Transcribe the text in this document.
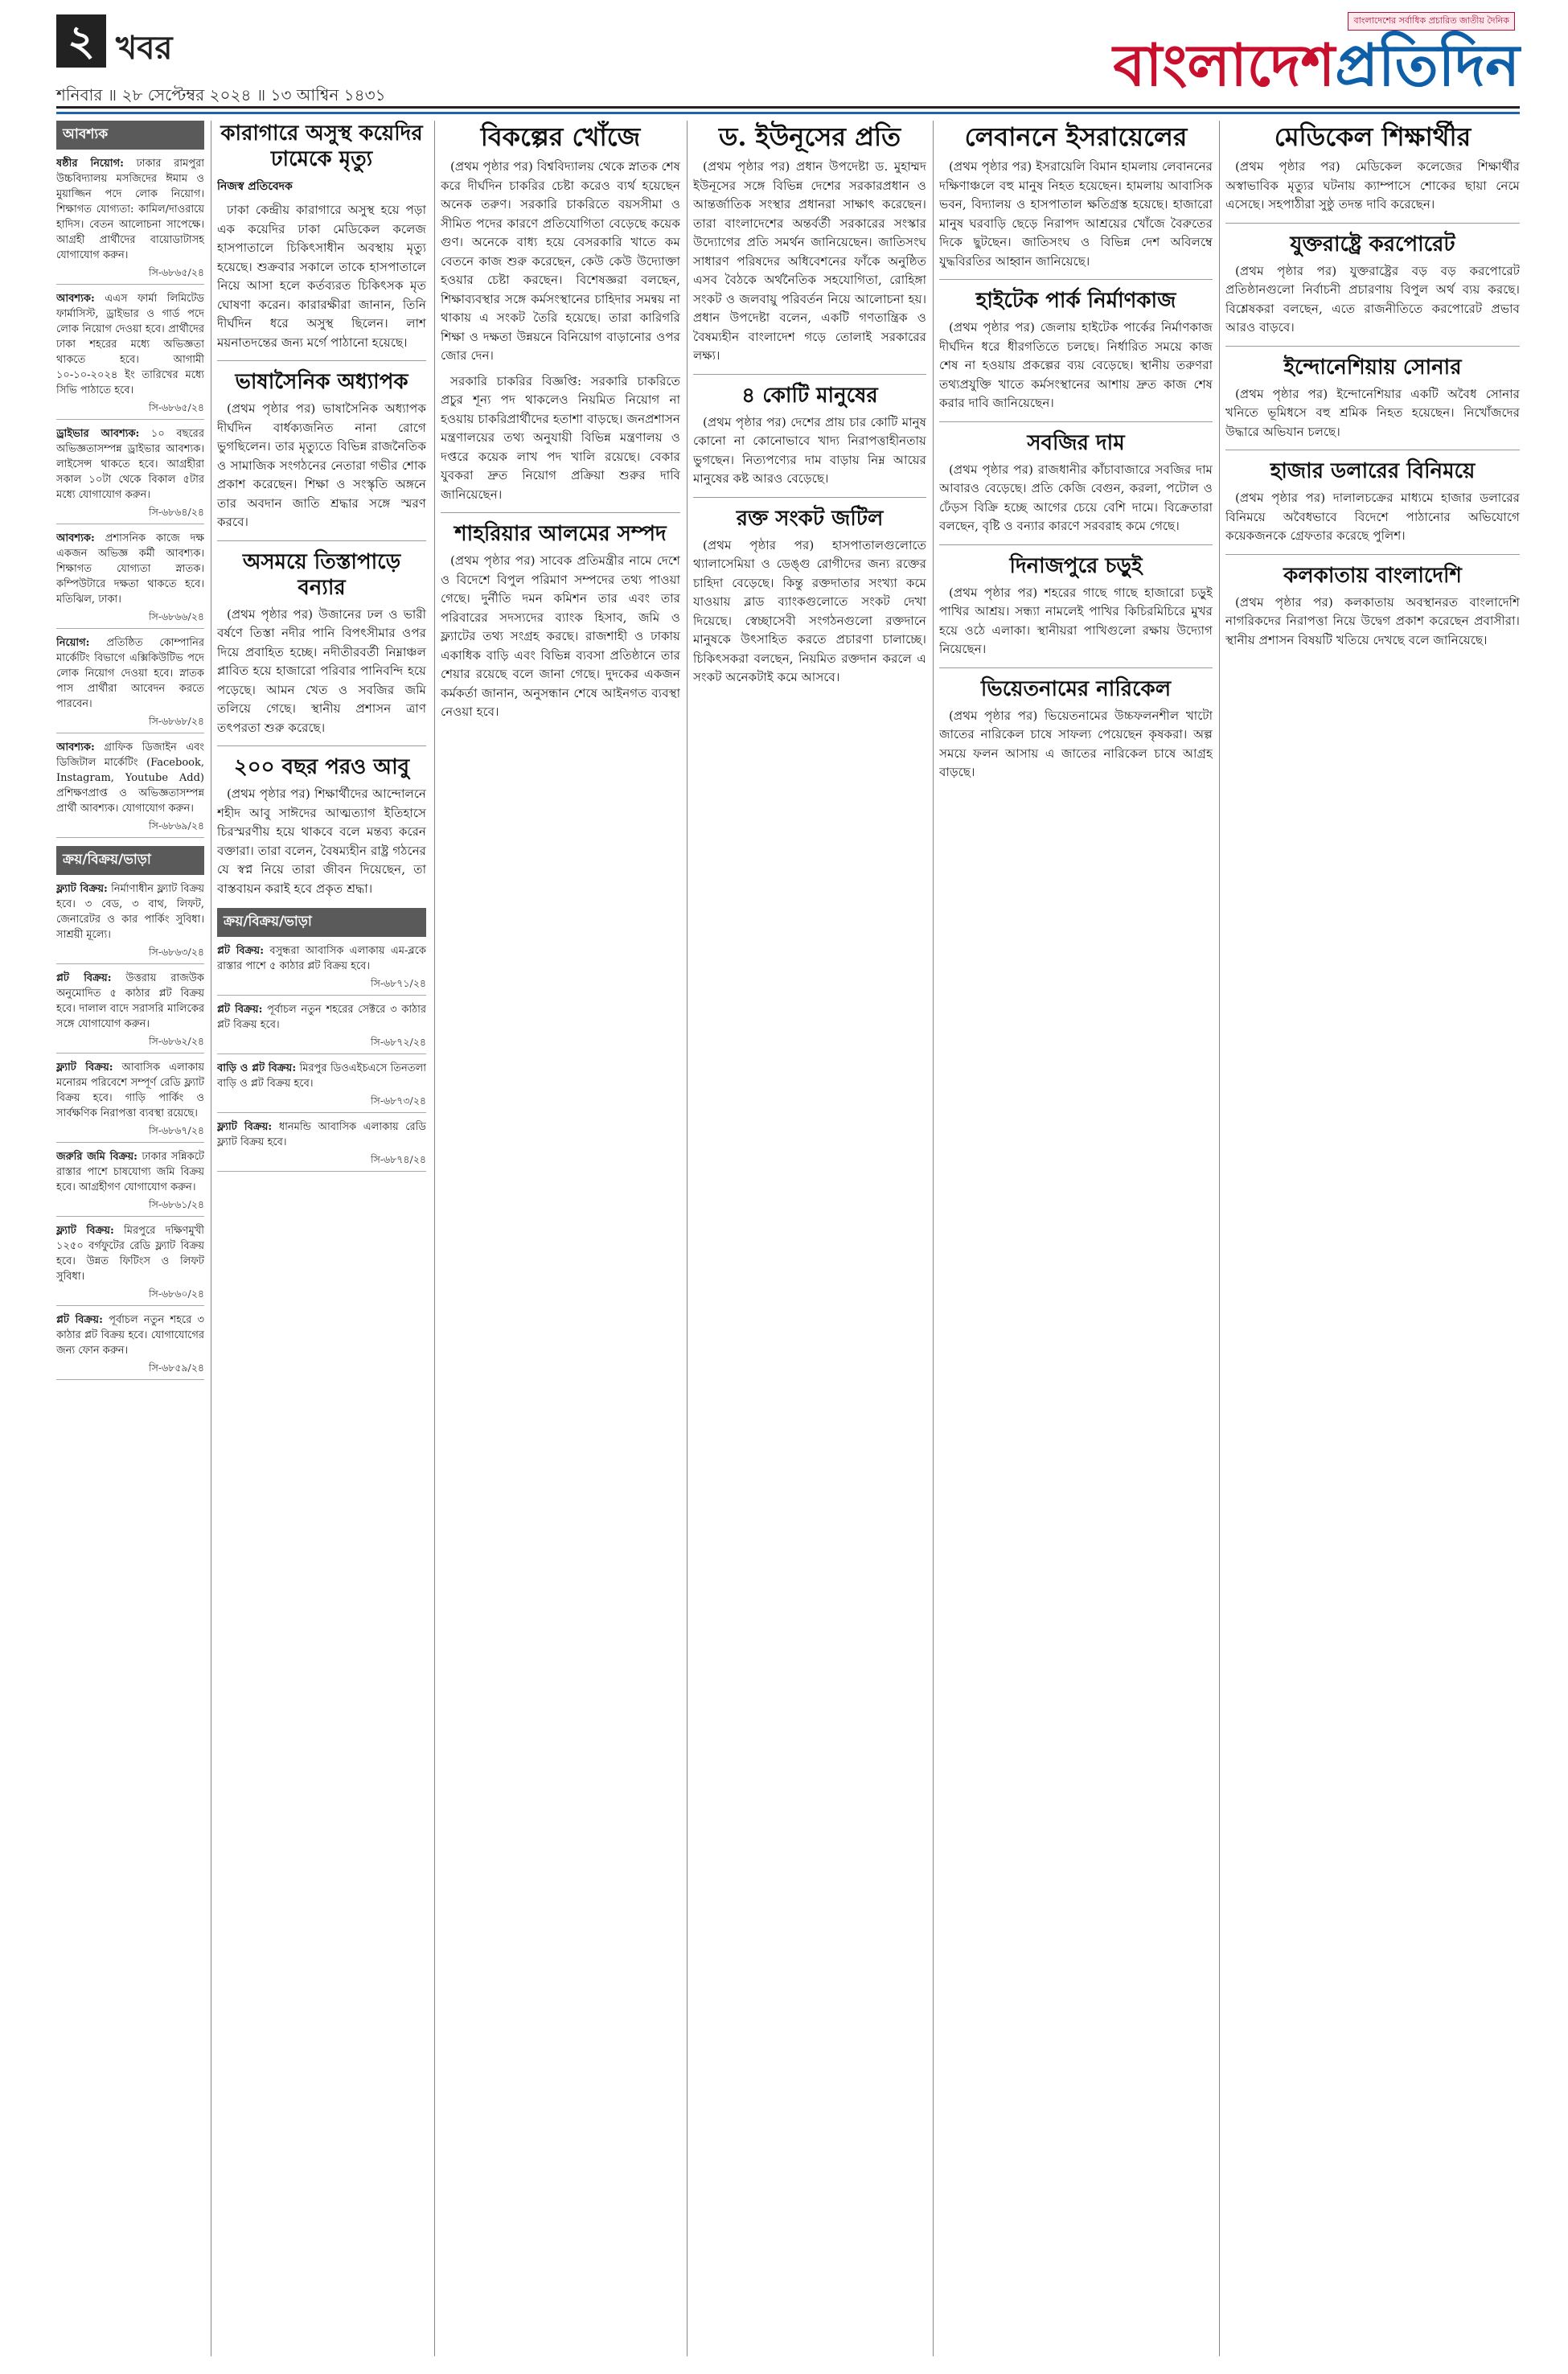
২ খবর
শনিবার ॥ ২৮ সেপ্টেম্বর ২০২৪ ॥ ১৩ আশ্বিন ১৪৩১
বাংলাদেশের সর্বাধিক প্রচারিত জাতীয় দৈনিক
বাংলাদেশপ্রতিদিন
আবশ্যক
ষষ্ঠীর নিয়োগ: ঢাকার রামপুরা উচ্চবিদ্যালয় মসজিদের ঈমাম ও মুয়াজ্জিন পদে লোক নিয়োগ। শিক্ষাগত যোগ্যতা: কামিল/দাওরায়ে হাদিস। বেতন আলোচনা সাপেক্ষে। আগ্রহী প্রার্থীদের বায়োডাটাসহ যোগাযোগ করুন।
সি-৬৮৬৫/২৪
আবশ্যক: এএস ফার্মা লিমিটেড ফার্মাসিস্ট, ড্রাইভার ও গার্ড পদে লোক নিয়োগ দেওয়া হবে। প্রার্থীদের ঢাকা শহরের মধ্যে অভিজ্ঞতা থাকতে হবে। আগামী ১০-১০-২০২৪ ইং তারিখের মধ্যে সিভি পাঠাতে হবে।
সি-৬৮৬৫/২৪
ড্রাইভার আবশ্যক: ১০ বছরের অভিজ্ঞতাসম্পন্ন ড্রাইভার আবশ্যক। লাইসেন্স থাকতে হবে। আগ্রহীরা সকাল ১০টা থেকে বিকাল ৫টার মধ্যে যোগাযোগ করুন।
সি-৬৮৬৪/২৪
আবশ্যক: প্রশাসনিক কাজে দক্ষ একজন অভিজ্ঞ কর্মী আবশ্যক। শিক্ষাগত যোগ্যতা স্নাতক। কম্পিউটারে দক্ষতা থাকতে হবে। মতিঝিল, ঢাকা।
সি-৬৮৬৬/২৪
নিয়োগ: প্রতিষ্ঠিত কোম্পানির মার্কেটিং বিভাগে এক্সিকিউটিভ পদে লোক নিয়োগ দেওয়া হবে। স্নাতক পাস প্রার্থীরা আবেদন করতে পারবেন।
সি-৬৮৬৮/২৪
আবশ্যক: গ্রাফিক ডিজাইন এবং ডিজিটাল মার্কেটিং (Facebook, Instagram, Youtube Add) প্রশিক্ষণপ্রাপ্ত ও অভিজ্ঞতাসম্পন্ন প্রার্থী আবশ্যক। যোগাযোগ করুন।
সি-৬৮৬৯/২৪
ক্রয়/বিক্রয়/ভাড়া
ফ্ল্যাট বিক্রয়: নির্মাণাধীন ফ্ল্যাট বিক্রয় হবে। ৩ বেড, ৩ বাথ, লিফট, জেনারেটর ও কার পার্কিং সুবিধা। সাশ্রয়ী মূল্যে।
সি-৬৮৬৩/২৪
প্লট বিক্রয়: উত্তরায় রাজউক অনুমোদিত ৫ কাঠার প্লট বিক্রয় হবে। দালাল বাদে সরাসরি মালিকের সঙ্গে যোগাযোগ করুন।
সি-৬৮৬২/২৪
ফ্ল্যাট বিক্রয়: আবাসিক এলাকায় মনোরম পরিবেশে সম্পূর্ণ রেডি ফ্ল্যাট বিক্রয় হবে। গাড়ি পার্কিং ও সার্বক্ষণিক নিরাপত্তা ব্যবস্থা রয়েছে।
সি-৬৮৬৭/২৪
জরুরি জমি বিক্রয়: ঢাকার সন্নিকটে রাস্তার পাশে চাষযোগ্য জমি বিক্রয় হবে। আগ্রহীগণ যোগাযোগ করুন।
সি-৬৮৬১/২৪
ফ্ল্যাট বিক্রয়: মিরপুরে দক্ষিণমুখী ১২৫০ বর্গফুটের রেডি ফ্ল্যাট বিক্রয় হবে। উন্নত ফিটিংস ও লিফট সুবিধা।
সি-৬৮৬০/২৪
প্লট বিক্রয়: পূর্বাচল নতুন শহরে ৩ কাঠার প্লট বিক্রয় হবে। যোগাযোগের জন্য ফোন করুন।
সি-৬৮৫৯/২৪
কারাগারে অসুস্থ কয়েদির ঢামেকে মৃত্যু
নিজস্ব প্রতিবেদক

ঢাকা কেন্দ্রীয় কারাগারে অসুস্থ হয়ে পড়া এক কয়েদির ঢাকা মেডিকেল কলেজ হাসপাতালে চিকিৎসাধীন অবস্থায় মৃত্যু হয়েছে। শুক্রবার সকালে তাকে হাসপাতালে নিয়ে আসা হলে কর্তব্যরত চিকিৎসক মৃত ঘোষণা করেন। কারারক্ষীরা জানান, তিনি দীর্ঘদিন ধরে অসুস্থ ছিলেন। লাশ ময়নাতদন্তের জন্য মর্গে পাঠানো হয়েছে।

ভাষাসৈনিক অধ্যাপক

(প্রথম পৃষ্ঠার পর) ভাষাসৈনিক অধ্যাপক দীর্ঘদিন বার্ধক্যজনিত নানা রোগে ভুগছিলেন। তার মৃত্যুতে বিভিন্ন রাজনৈতিক ও সামাজিক সংগঠনের নেতারা গভীর শোক প্রকাশ করেছেন। শিক্ষা ও সংস্কৃতি অঙ্গনে তার অবদান জাতি শ্রদ্ধার সঙ্গে স্মরণ করবে।

অসময়ে তিস্তাপাড়ে বন্যার

(প্রথম পৃষ্ঠার পর) উজানের ঢল ও ভারী বর্ষণে তিস্তা নদীর পানি বিপৎসীমার ওপর দিয়ে প্রবাহিত হচ্ছে। নদীতীরবর্তী নিম্নাঞ্চল প্লাবিত হয়ে হাজারো পরিবার পানিবন্দি হয়ে পড়েছে। আমন খেত ও সবজির জমি তলিয়ে গেছে। স্থানীয় প্রশাসন ত্রাণ তৎপরতা শুরু করেছে।

২০০ বছর পরও আবু

(প্রথম পৃষ্ঠার পর) শিক্ষার্থীদের আন্দোলনে শহীদ আবু সাঈদের আত্মত্যাগ ইতিহাসে চিরস্মরণীয় হয়ে থাকবে বলে মন্তব্য করেন বক্তারা। তারা বলেন, বৈষম্যহীন রাষ্ট্র গঠনের যে স্বপ্ন নিয়ে তারা জীবন দিয়েছেন, তা বাস্তবায়ন করাই হবে প্রকৃত শ্রদ্ধা।

ক্রয়/বিক্রয়/ভাড়া
প্লট বিক্রয়: বসুন্ধরা আবাসিক এলাকায় এম-ব্লকে রাস্তার পাশে ৫ কাঠার প্লট বিক্রয় হবে।
সি-৬৮৭১/২৪
প্লট বিক্রয়: পূর্বাচল নতুন শহরের সেক্টরে ৩ কাঠার প্লট বিক্রয় হবে।
সি-৬৮৭২/২৪
বাড়ি ও প্লট বিক্রয়: মিরপুর ডিওএইচএসে তিনতলা বাড়ি ও প্লট বিক্রয় হবে।
সি-৬৮৭৩/২৪
ফ্ল্যাট বিক্রয়: ধানমন্ডি আবাসিক এলাকায় রেডি ফ্ল্যাট বিক্রয় হবে।
সি-৬৮৭৪/২৪
বিকল্পের খোঁজে

(প্রথম পৃষ্ঠার পর) বিশ্ববিদ্যালয় থেকে স্নাতক শেষ করে দীর্ঘদিন চাকরির চেষ্টা করেও ব্যর্থ হয়েছেন অনেক তরুণ। সরকারি চাকরিতে বয়সসীমা ও সীমিত পদের কারণে প্রতিযোগিতা বেড়েছে কয়েক গুণ। অনেকে বাধ্য হয়ে বেসরকারি খাতে কম বেতনে কাজ শুরু করেছেন, কেউ কেউ উদ্যোক্তা হওয়ার চেষ্টা করছেন। বিশেষজ্ঞরা বলছেন, শিক্ষাব্যবস্থার সঙ্গে কর্মসংস্থানের চাহিদার সমন্বয় না থাকায় এ সংকট তৈরি হয়েছে। তারা কারিগরি শিক্ষা ও দক্ষতা উন্নয়নে বিনিয়োগ বাড়ানোর ওপর জোর দেন।

সরকারি চাকরির বিজ্ঞপ্তি: সরকারি চাকরিতে প্রচুর শূন্য পদ থাকলেও নিয়মিত নিয়োগ না হওয়ায় চাকরিপ্রার্থীদের হতাশা বাড়ছে। জনপ্রশাসন মন্ত্রণালয়ের তথ্য অনুযায়ী বিভিন্ন মন্ত্রণালয় ও দপ্তরে কয়েক লাখ পদ খালি রয়েছে। বেকার যুবকরা দ্রুত নিয়োগ প্রক্রিয়া শুরুর দাবি জানিয়েছেন।

শাহরিয়ার আলমের সম্পদ

(প্রথম পৃষ্ঠার পর) সাবেক প্রতিমন্ত্রীর নামে দেশে ও বিদেশে বিপুল পরিমাণ সম্পদের তথ্য পাওয়া গেছে। দুর্নীতি দমন কমিশন তার এবং তার পরিবারের সদস্যদের ব্যাংক হিসাব, জমি ও ফ্ল্যাটের তথ্য সংগ্রহ করছে। রাজশাহী ও ঢাকায় একাধিক বাড়ি এবং বিভিন্ন ব্যবসা প্রতিষ্ঠানে তার শেয়ার রয়েছে বলে জানা গেছে। দুদকের একজন কর্মকর্তা জানান, অনুসন্ধান শেষে আইনগত ব্যবস্থা নেওয়া হবে।

ড. ইউনূসের প্রতি

(প্রথম পৃষ্ঠার পর) প্রধান উপদেষ্টা ড. মুহাম্মদ ইউনূসের সঙ্গে বিভিন্ন দেশের সরকারপ্রধান ও আন্তর্জাতিক সংস্থার প্রধানরা সাক্ষাৎ করেছেন। তারা বাংলাদেশের অন্তর্বর্তী সরকারের সংস্কার উদ্যোগের প্রতি সমর্থন জানিয়েছেন। জাতিসংঘ সাধারণ পরিষদের অধিবেশনের ফাঁকে অনুষ্ঠিত এসব বৈঠকে অর্থনৈতিক সহযোগিতা, রোহিঙ্গা সংকট ও জলবায়ু পরিবর্তন নিয়ে আলোচনা হয়। প্রধান উপদেষ্টা বলেন, একটি গণতান্ত্রিক ও বৈষম্যহীন বাংলাদেশ গড়ে তোলাই সরকারের লক্ষ্য।

৪ কোটি মানুষের

(প্রথম পৃষ্ঠার পর) দেশের প্রায় চার কোটি মানুষ কোনো না কোনোভাবে খাদ্য নিরাপত্তাহীনতায় ভুগছেন। নিত্যপণ্যের দাম বাড়ায় নিম্ন আয়ের মানুষের কষ্ট আরও বেড়েছে।

রক্ত সংকট জটিল

(প্রথম পৃষ্ঠার পর) হাসপাতালগুলোতে থ্যালাসেমিয়া ও ডেঙ্গু রোগীদের জন্য রক্তের চাহিদা বেড়েছে। কিন্তু রক্তদাতার সংখ্যা কমে যাওয়ায় ব্লাড ব্যাংকগুলোতে সংকট দেখা দিয়েছে। স্বেচ্ছাসেবী সংগঠনগুলো রক্তদানে মানুষকে উৎসাহিত করতে প্রচারণা চালাচ্ছে। চিকিৎসকরা বলছেন, নিয়মিত রক্তদান করলে এ সংকট অনেকটাই কমে আসবে।

লেবাননে ইসরায়েলের

(প্রথম পৃষ্ঠার পর) ইসরায়েলি বিমান হামলায় লেবাননের দক্ষিণাঞ্চলে বহু মানুষ নিহত হয়েছেন। হামলায় আবাসিক ভবন, বিদ্যালয় ও হাসপাতাল ক্ষতিগ্রস্ত হয়েছে। হাজারো মানুষ ঘরবাড়ি ছেড়ে নিরাপদ আশ্রয়ের খোঁজে বৈরুতের দিকে ছুটছেন। জাতিসংঘ ও বিভিন্ন দেশ অবিলম্বে যুদ্ধবিরতির আহ্বান জানিয়েছে।

হাইটেক পার্ক নির্মাণকাজ

(প্রথম পৃষ্ঠার পর) জেলায় হাইটেক পার্কের নির্মাণকাজ দীর্ঘদিন ধরে ধীরগতিতে চলছে। নির্ধারিত সময়ে কাজ শেষ না হওয়ায় প্রকল্পের ব্যয় বেড়েছে। স্থানীয় তরুণরা তথ্যপ্রযুক্তি খাতে কর্মসংস্থানের আশায় দ্রুত কাজ শেষ করার দাবি জানিয়েছেন।

সবজির দাম

(প্রথম পৃষ্ঠার পর) রাজধানীর কাঁচাবাজারে সবজির দাম আবারও বেড়েছে। প্রতি কেজি বেগুন, করলা, পটোল ও ঢেঁড়স বিক্রি হচ্ছে আগের চেয়ে বেশি দামে। বিক্রেতারা বলছেন, বৃষ্টি ও বন্যার কারণে সরবরাহ কমে গেছে।

দিনাজপুরে চড়ুই

(প্রথম পৃষ্ঠার পর) শহরের গাছে গাছে হাজারো চড়ুই পাখির আশ্রয়। সন্ধ্যা নামলেই পাখির কিচিরমিচিরে মুখর হয়ে ওঠে এলাকা। স্থানীয়রা পাখিগুলো রক্ষায় উদ্যোগ নিয়েছেন।

ভিয়েতনামের নারিকেল

(প্রথম পৃষ্ঠার পর) ভিয়েতনামের উচ্চফলনশীল খাটো জাতের নারিকেল চাষে সাফল্য পেয়েছেন কৃষকরা। অল্প সময়ে ফলন আসায় এ জাতের নারিকেল চাষে আগ্রহ বাড়ছে।

মেডিকেল শিক্ষার্থীর

(প্রথম পৃষ্ঠার পর) মেডিকেল কলেজের শিক্ষার্থীর অস্বাভাবিক মৃত্যুর ঘটনায় ক্যাম্পাসে শোকের ছায়া নেমে এসেছে। সহপাঠীরা সুষ্ঠু তদন্ত দাবি করেছেন।

যুক্তরাষ্ট্রে করপোরেট

(প্রথম পৃষ্ঠার পর) যুক্তরাষ্ট্রের বড় বড় করপোরেট প্রতিষ্ঠানগুলো নির্বাচনী প্রচারণায় বিপুল অর্থ ব্যয় করছে। বিশ্লেষকরা বলছেন, এতে রাজনীতিতে করপোরেট প্রভাব আরও বাড়বে।

ইন্দোনেশিয়ায় সোনার

(প্রথম পৃষ্ঠার পর) ইন্দোনেশিয়ার একটি অবৈধ সোনার খনিতে ভূমিধসে বহু শ্রমিক নিহত হয়েছেন। নিখোঁজদের উদ্ধারে অভিযান চলছে।

হাজার ডলারের বিনিময়ে

(প্রথম পৃষ্ঠার পর) দালালচক্রের মাধ্যমে হাজার ডলারের বিনিময়ে অবৈধভাবে বিদেশে পাঠানোর অভিযোগে কয়েকজনকে গ্রেফতার করেছে পুলিশ।

কলকাতায় বাংলাদেশি

(প্রথম পৃষ্ঠার পর) কলকাতায় অবস্থানরত বাংলাদেশি নাগরিকদের নিরাপত্তা নিয়ে উদ্বেগ প্রকাশ করেছেন প্রবাসীরা। স্থানীয় প্রশাসন বিষয়টি খতিয়ে দেখছে বলে জানিয়েছে।
